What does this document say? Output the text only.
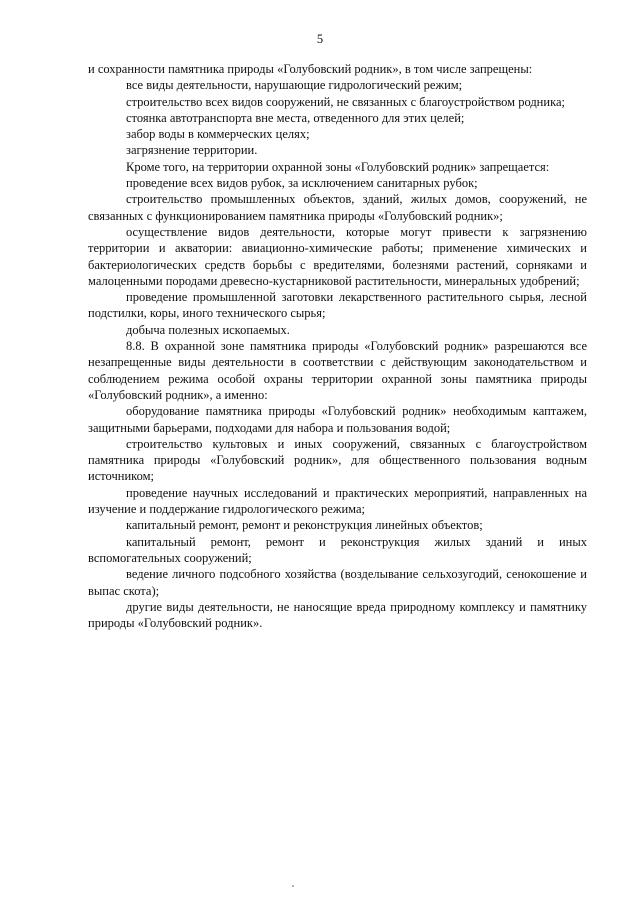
5

и сохранности памятника природы «Голубовский родник», в том числе запрещены:

все виды деятельности, нарушающие гидрологический режим;

строительство всех видов сооружений, не связанных с благоустройством родника;

стоянка автотранспорта вне места, отведенного для этих целей;

забор воды в коммерческих целях;

загрязнение территории.

Кроме того, на территории охранной зоны «Голубовский родник» запрещается:

проведение всех видов рубок, за исключением санитарных рубок;

строительство промышленных объектов, зданий, жилых домов, сооружений, не связанных с функционированием памятника природы «Голубовский родник»;

осуществление видов деятельности, которые могут привести к загрязнению территории и акватории: авиационно-химические работы; применение химических и бактериологических средств борьбы с вредителями, болезнями растений, сорняками и малоценными породами древесно-кустарниковой растительности, минеральных удобрений;

проведение промышленной заготовки лекарственного растительного сырья, лесной подстилки, коры, иного технического сырья;

добыча полезных ископаемых.

8.8. В охранной зоне памятника природы «Голубовский родник» разрешаются все незапрещенные виды деятельности в соответствии с действующим законодательством и соблюдением режима особой охраны территории охранной зоны памятника природы «Голубовский родник», а именно:

оборудование памятника природы «Голубовский родник» необходимым каптажем, защитными барьерами, подходами для набора и пользования водой;

строительство культовых и иных сооружений, связанных с благоустройством памятника природы «Голубовский родник», для общественного пользования водным источником;

проведение научных исследований и практических мероприятий, направленных на изучение и поддержание гидрологического режима;

капитальный ремонт, ремонт и реконструкция линейных объектов;

капитальный ремонт, ремонт и реконструкция жилых зданий и иных вспомогательных сооружений;

ведение личного подсобного хозяйства (возделывание сельхозугодий, сенокошение и выпас скота);

другие виды деятельности, не наносящие вреда природному комплексу и памятнику природы «Голубовский родник».
